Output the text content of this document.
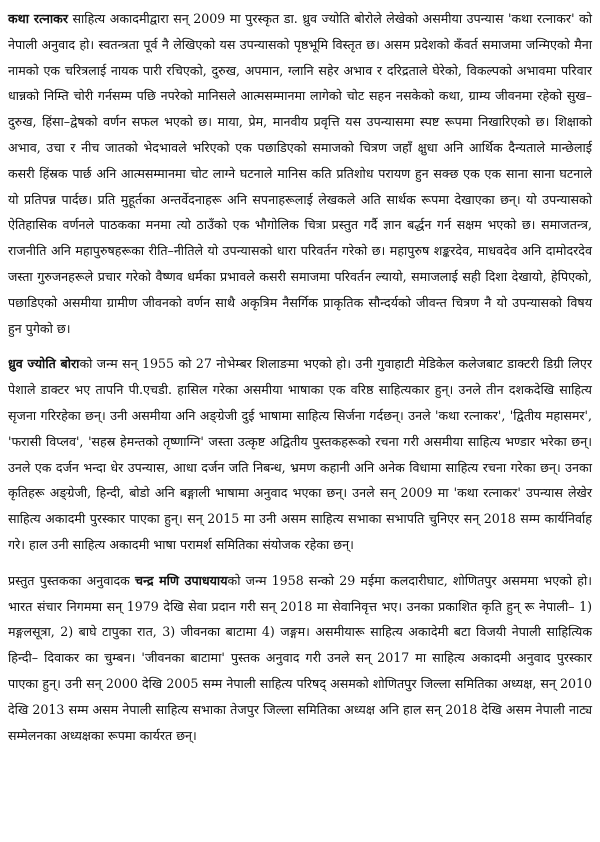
कथा रत्नाकर साहित्य अकादमीद्वारा सन् 2009 मा पुरस्कृत डा. ध्रुव ज्योति बोरोले लेखेको असमीया उपन्यास 'कथा रत्नाकर' को नेपाली अनुवाद हो। स्वतन्त्रता पूर्व नै लेखिएको यस उपन्यासको पृष्ठभूमि विस्तृत छ। असम प्रदेशको कँवर्त समाजमा जन्मिएको मैना नामको एक चरित्रलाई नायक पारी रचिएको, दुरुख, अपमान, ग्लानि सहेर अभाव र दरिद्रताले घेरेको, विकल्पको अभावमा परिवार धान्नको निम्ति चोरी गर्नसम्म पछि नपरेको मानिसले आत्मसम्मानमा लागेको चोट सहन नसकेको कथा, ग्राम्य जीवनमा रहेको सुख–दुरुख, हिंसा–द्वेषको वर्णन सफल भएको छ। माया, प्रेम, मानवीय प्रवृत्ति यस उपन्यासमा स्पष्ट रूपमा निखारिएको छ। शिक्षाको अभाव, उचा र नीच जातको भेदभावले भरिएको एक पछाडिएको समाजको चित्रण जहाँ क्षुधा अनि आर्थिक दैन्यताले मान्छेलाई कसरी हिंस्रक पार्छ अनि आत्मसम्मानमा चोट लाग्ने घटनाले मानिस कति प्रतिशोध परायण हुन सक्छ एक एक साना साना घटनाले यो प्रतिपन्न पार्दछ। प्रति मुहूर्तका अन्तर्वेदनाहरू अनि सपनाहरूलाई लेखकले अति सार्थक रूपमा देखाएका छन्। यो उपन्यासको ऐतिहासिक वर्णनले पाठकका मनमा त्यो ठाउँको एक भौगोलिक चित्रा प्रस्तुत गर्दै ज्ञान बर्द्धन गर्न सक्षम भएको छ। समाजतन्त्र, राजनीति अनि महापुरुषहरूका रीति–नीतिले यो उपन्यासको धारा परिवर्तन गरेको छ। महापुरुष शङ्करदेव, माधवदेव अनि दामोदरदेव जस्ता गुरुजनहरूले प्रचार गरेको वैष्णव धर्मका प्रभावले कसरी समाजमा परिवर्तन ल्यायो, समाजलाई सही दिशा देखायो, हेपिएको, पछाडिएको असमीया ग्रामीण जीवनको वर्णन साथै अकृत्रिम नैसर्गिक प्राकृतिक सौन्दर्यको जीवन्त चित्रण नै यो उपन्यासको विषय हुन पुगेको छ।

ध्रुव ज्योति बोराको जन्म सन् 1955 को 27 नोभेम्बर शिलाङमा भएको हो। उनी गुवाहाटी मेडिकेल कलेजबाट डाक्टरी डिग्री लिएर पेशाले डाक्टर भए तापनि पी.एचडी. हासिल गरेका असमीया भाषाका एक वरिष्ठ साहित्यकार हुन्। उनले तीन दशकदेखि साहित्य सृजना गरिरहेका छन्। उनी असमीया अनि अङ्ग्रेजी दुई भाषामा साहित्य सिर्जना गर्दछन्। उनले 'कथा रत्नाकर', 'द्वितीय महासमर', 'फरासी विप्लव', 'सहस्र हेमन्तको तृष्णाग्नि' जस्ता उत्कृष्ट अद्वितीय पुस्तकहरूको रचना गरी असमीया साहित्य भण्डार भरेका छन्। उनले एक दर्जन भन्दा धेर उपन्यास, आधा दर्जन जति निबन्ध, भ्रमण कहानी अनि अनेक विधामा साहित्य रचना गरेका छन्। उनका कृतिहरू अङ्ग्रेजी, हिन्दी, बोडो अनि बङ्गाली भाषामा अनुवाद भएका छन्। उनले सन् 2009 मा 'कथा रत्नाकर' उपन्यास लेखेर साहित्य अकादमी पुरस्कार पाएका हुन्। सन् 2015 मा उनी असम साहित्य सभाका सभापति चुनिएर सन् 2018 सम्म कार्यनिर्वाह गरे। हाल उनी साहित्य अकादमी भाषा परामर्श समितिका संयोजक रहेका छन्।

प्रस्तुत पुस्तकका अनुवादक चन्द्र मणि उपाधयायको जन्म 1958 सन्को 29 मईमा कलदारीघाट, शोणितपुर असममा भएको हो। भारत संचार निगममा सन् 1979 देखि सेवा प्रदान गरी सन् 2018 मा सेवानिवृत्त भए। उनका प्रकाशित कृति हुन् रू नेपाली– 1) मङ्गलसूत्रा, 2) बाघे टापुका रात, 3) जीवनका बाटामा 4) जङ्गम। असमीयारू साहित्य अकादेमी बटा विजयी नेपाली साहित्यिक हिन्दी– दिवाकर का चुम्बन। 'जीवनका बाटामा' पुस्तक अनुवाद गरी उनले सन् 2017 मा साहित्य अकादमी अनुवाद पुरस्कार पाएका हुन्। उनी सन् 2000 देखि 2005 सम्म नेपाली साहित्य परिषद् असमको शोणितपुर जिल्ला समितिका अध्यक्ष, सन् 2010 देखि 2013 सम्म असम नेपाली साहित्य सभाका तेजपुर जिल्ला समितिका अध्यक्ष अनि हाल सन् 2018 देखि असम नेपाली नाट्य सम्मेलनका अध्यक्षका रूपमा कार्यरत छन्।
